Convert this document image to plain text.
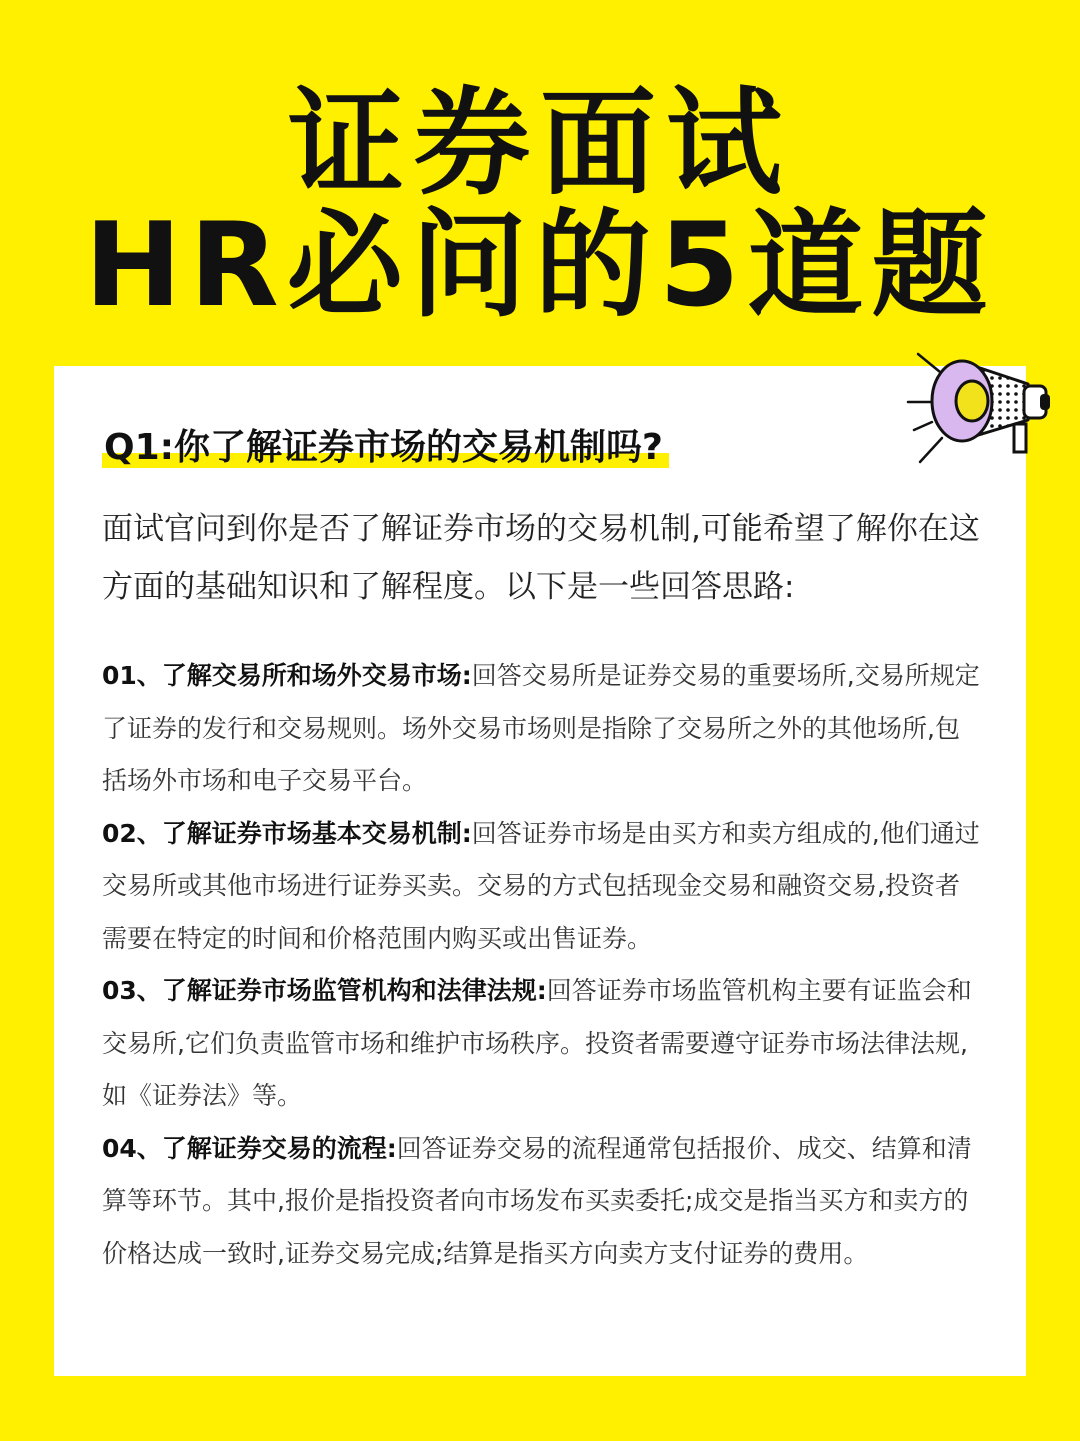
证券面试
HR必问的5道题
Q1:你了解证券市场的交易机制吗?
面试官问到你是否了解证券市场的交易机制,可能希望了解你在这方面的基础知识和了解程度。以下是一些回答思路:

01、了解交易所和场外交易市场:回答交易所是证券交易的重要场所,交易所规定了证券的发行和交易规则。场外交易市场则是指除了交易所之外的其他场所,包括场外市场和电子交易平台。

02、了解证券市场基本交易机制:回答证券市场是由买方和卖方组成的,他们通过交易所或其他市场进行证券买卖。交易的方式包括现金交易和融资交易,投资者需要在特定的时间和价格范围内购买或出售证券。

03、了解证券市场监管机构和法律法规:回答证券市场监管机构主要有证监会和交易所,它们负责监管市场和维护市场秩序。投资者需要遵守证券市场法律法规,如《证券法》等。

04、了解证券交易的流程:回答证券交易的流程通常包括报价、成交、结算和清算等环节。其中,报价是指投资者向市场发布买卖委托;成交是指当买方和卖方的价格达成一致时,证券交易完成;结算是指买方向卖方支付证券的费用。
